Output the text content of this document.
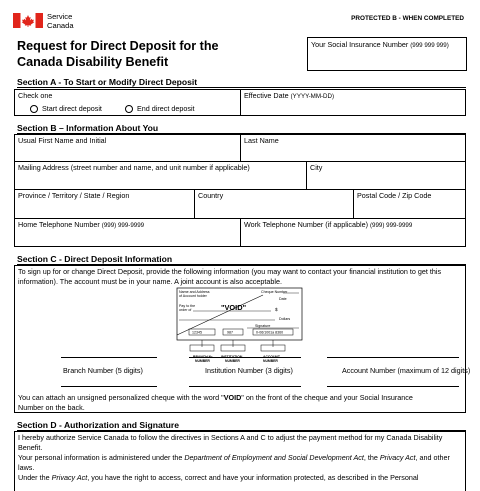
Service
Canada
PROTECTED B - WHEN COMPLETED
Request for Direct Deposit for the
Canada Disability Benefit
Your Social Insurance Number (999 999 999)
Section A - To Start or Modify Direct Deposit
Check one
Start direct deposit	End direct deposit
Effective Date (YYYY-MM-DD)
Section B – Information About You
Usual First Name and Initial	Last Name
Mailing Address (street number and name, and unit number if applicable)	City
Province / Territory / State / Region	Country	Postal Code / Zip Code
Home Telephone Number (999) 999-9999	Work Telephone Number (if applicable) (999) 999-9999
Section C - Direct Deposit Information
To sign up for or change Direct Deposit, provide the following information (you may want to contact your financial institution to get this information). The account must be in your name. A joint account is also acceptable.
Name and Address
of Account holder
Cheque Number
Date
Pay to the
order of	"VOID"	$
Dollars
Signature
12345	987	0-06/1001a 8360
BRANCH Nº
NUMBER
INSTITUTION
NUMBER
ACCOUNT
NUMBER
Branch Number (5 digits)	Institution Number (3 digits)	Account Number (maximum of 12 digits)
You can attach an unsigned personalized cheque with the word "VOID" on the front of the cheque and your Social Insurance
Number on the back.
Section D - Authorization and Signature
I hereby authorize Service Canada to follow the directives in Sections A and C to adjust the payment method for my Canada Disability Benefit.
Your personal information is administered under the Department of Employment and Social Development Act, the Privacy Act, and other laws.
Under the Privacy Act, you have the right to access, correct and have your information protected, as described in the Personal
